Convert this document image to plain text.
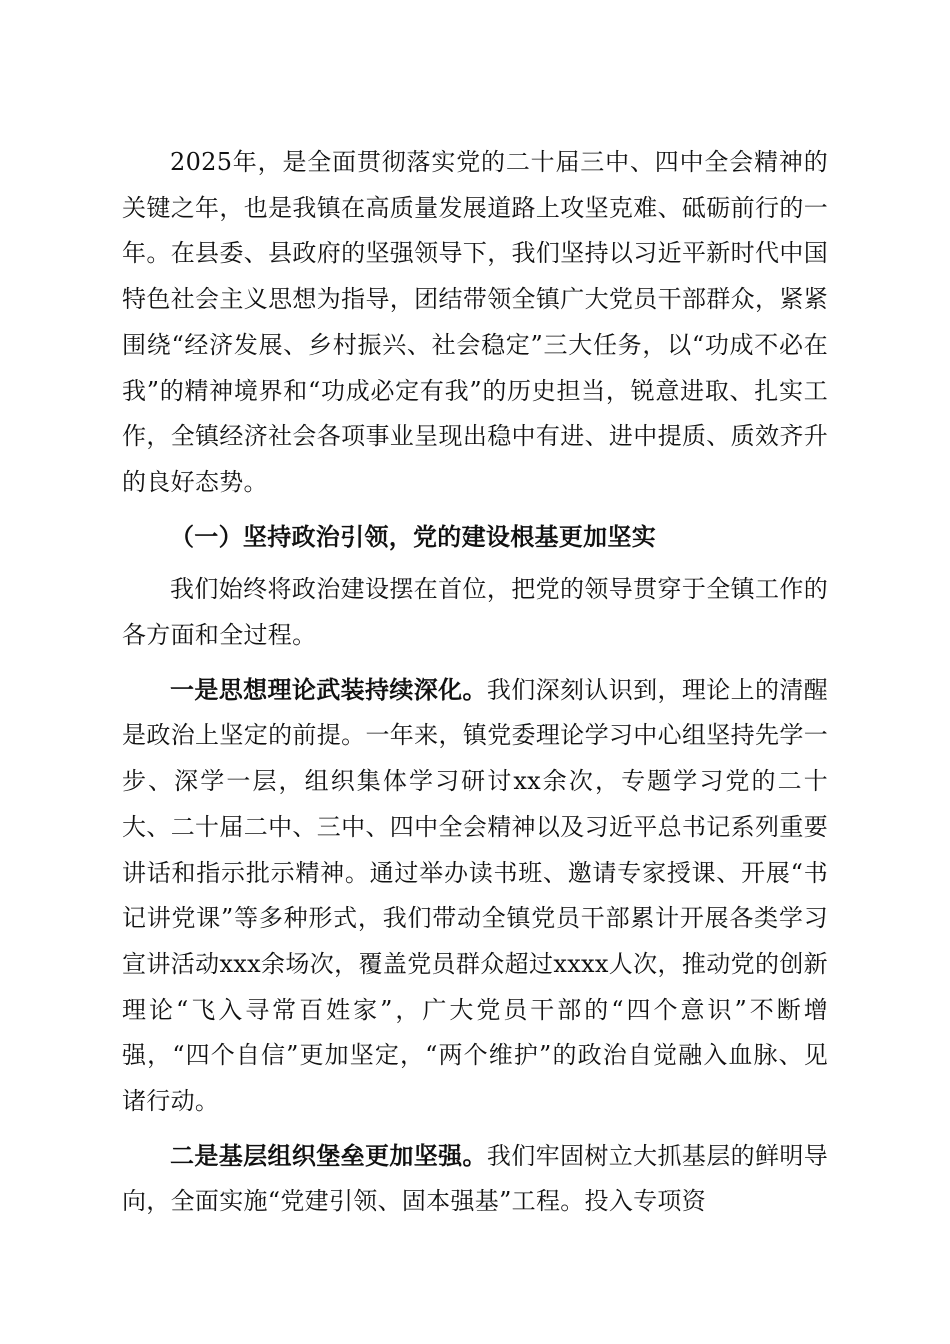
2025年，是全面贯彻落实党的二十届三中、四中全会精神的关键之年，也是我镇在高质量发展道路上攻坚克难、砥砺前行的一年。在县委、县政府的坚强领导下，我们坚持以习近平新时代中国特色社会主义思想为指导，团结带领全镇广大党员干部群众，紧紧围绕“经济发展、乡村振兴、社会稳定”三大任务，以“功成不必在我”的精神境界和“功成必定有我”的历史担当，锐意进取、扎实工作，全镇经济社会各项事业呈现出稳中有进、进中提质、质效齐升的良好态势。

（一）坚持政治引领，党的建设根基更加坚实

我们始终将政治建设摆在首位，把党的领导贯穿于全镇工作的各方面和全过程。

一是思想理论武装持续深化。我们深刻认识到，理论上的清醒是政治上坚定的前提。一年来，镇党委理论学习中心组坚持先学一步、深学一层，组织集体学习研讨xx余次，专题学习党的二十大、二十届二中、三中、四中全会精神以及习近平总书记系列重要讲话和指示批示精神。通过举办读书班、邀请专家授课、开展“书记讲党课”等多种形式，我们带动全镇党员干部累计开展各类学习宣讲活动xxx余场次，覆盖党员群众超过xxxx人次，推动党的创新理论“飞入寻常百姓家”，广大党员干部的“四个意识”不断增强，“四个自信”更加坚定，“两个维护”的政治自觉融入血脉、见诸行动。

二是基层组织堡垒更加坚强。我们牢固树立大抓基层的鲜明导向，全面实施“党建引领、固本强基”工程。投入专项资
